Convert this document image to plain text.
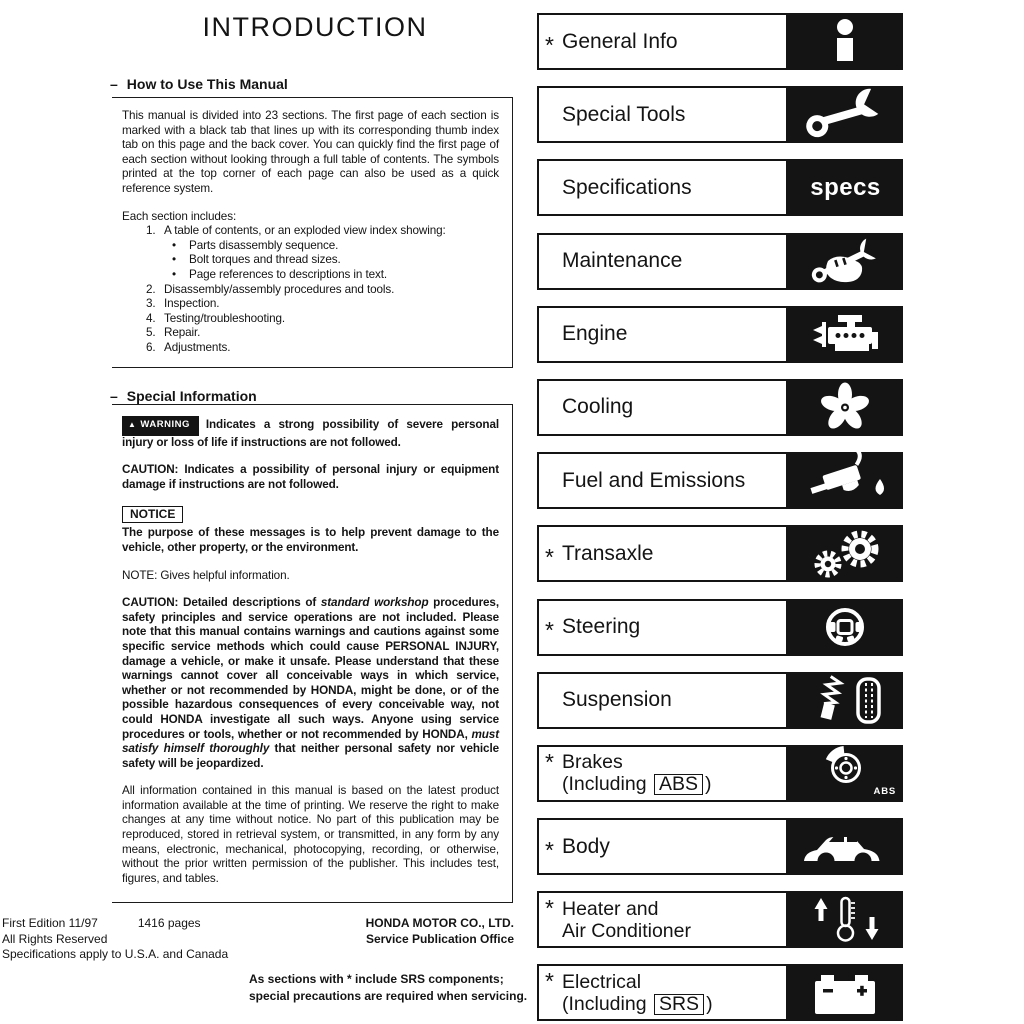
INTRODUCTION
– How to Use This Manual

This manual is divided into 23 sections. The first page of each section is marked with a black tab that lines up with its corresponding thumb index tab on this page and the back cover. You can quickly find the first page of each section without looking through a full table of contents. The symbols printed at the top corner of each page can also be used as a quick reference system.

Each section includes:
1. A table of contents, or an exploded view index showing:
•	Parts disassembly sequence.
•	Bolt torques and thread sizes.
•	Page references to descriptions in text.
2. Disassembly/assembly procedures and tools.
3. Inspection.
4. Testing/troubleshooting.
5. Repair.
6. Adjustments.
– Special Information

▲ WARNING Indicates a strong possibility of severe personal injury or loss of life if instructions are not followed.

CAUTION: Indicates a possibility of personal injury or equipment damage if instructions are not followed.

NOTICE

The purpose of these messages is to help prevent damage to the vehicle, other property, or the environment.

NOTE: Gives helpful information.

CAUTION: Detailed descriptions of standard workshop procedures, safety principles and service operations are not included. Please note that this manual contains warnings and cautions against some specific service methods which could cause PERSONAL INJURY, damage a vehicle, or make it unsafe. Please understand that these warnings cannot cover all conceivable ways in which service, whether or not recommended by HONDA, might be done, or of the possible hazardous consequences of every conceivable way, not could HONDA investigate all such ways. Anyone using service procedures or tools, whether or not recommended by HONDA, must satisfy himself thoroughly that neither personal safety nor vehicle safety will be jeopardized.

All information contained in this manual is based on the latest product information available at the time of printing. We reserve the right to make changes at any time without notice. No part of this publication may be reproduced, stored in retrieval system, or transmitted, in any form by any means, electronic, mechanical, photocopying, recording, or otherwise, without the prior written permission of the publisher. This includes test, figures, and tables.

First Edition 11/97	1416 pages
All Rights Reserved
Specifications apply to U.S.A. and Canada
HONDA MOTOR CO., LTD.
Service Publication Office
As sections with * include SRS components;
special precautions are required when servicing.
* General Info
Special Tools
Specifications	specs
Maintenance
Engine
Cooling
Fuel and Emissions
* Transaxle
* Steering
Suspension
* Brakes
(Including ABS )	ABS
* Body
* Heater and
Air Conditioner
* Electrical
(Including SRS )
